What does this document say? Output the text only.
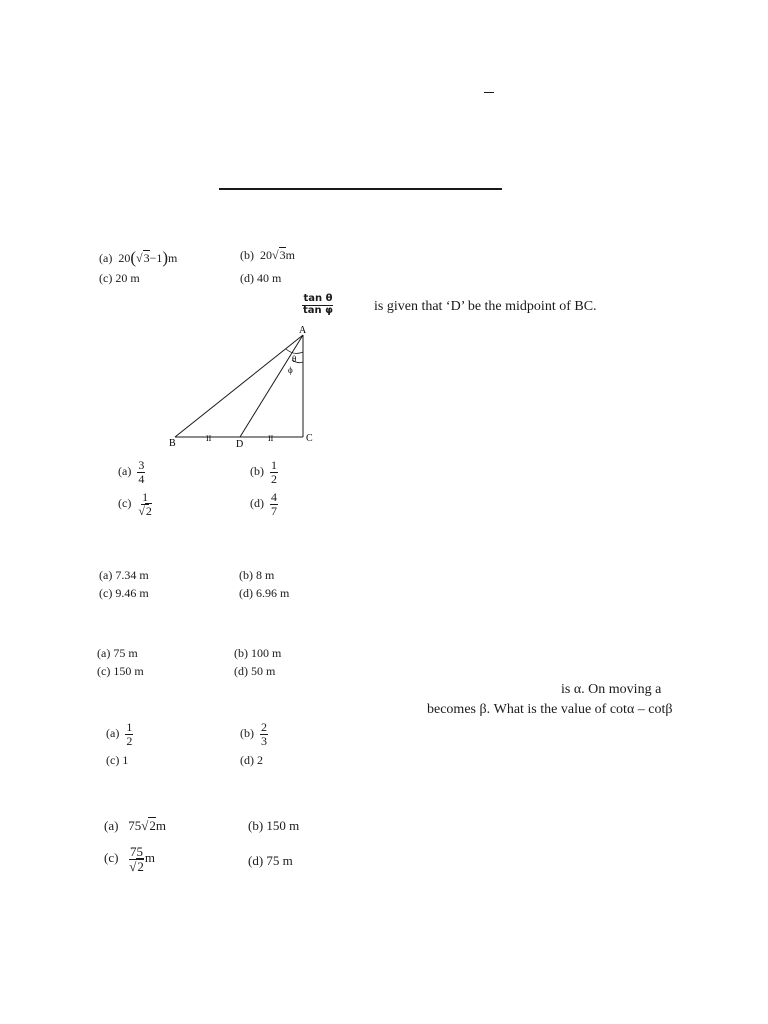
(a) 20(√3−1)m	(b) 20√3m
(c) 20 m	(d) 40 m
$\frac{\text{tan θ}}{\text{tan φ}}$	is given that ‘D’ be the midpoint of BC.
A
B	C
D
θ
ϕ
II	II
$(a) \frac{3}{4}$	$(b) \frac{1}{2}$
$(c) \frac{1}{√2}$	$(d) \frac{4}{7}$
(a) 7.34 m	(b) 8 m
(c) 9.46 m	(d) 6.96 m
(a) 75 m	(b) 100 m
(c) 150 m	(d) 50 m
is α. On moving a
becomes β. What is the value of cotα – cotβ
$(a) \frac{1}{2}$	$(b) \frac{2}{3}$
(c) 1	(d) 2
(a) 75√2m	(b) 150 m
$(c) \frac{75}{√2}$ m	(d) 75 m
